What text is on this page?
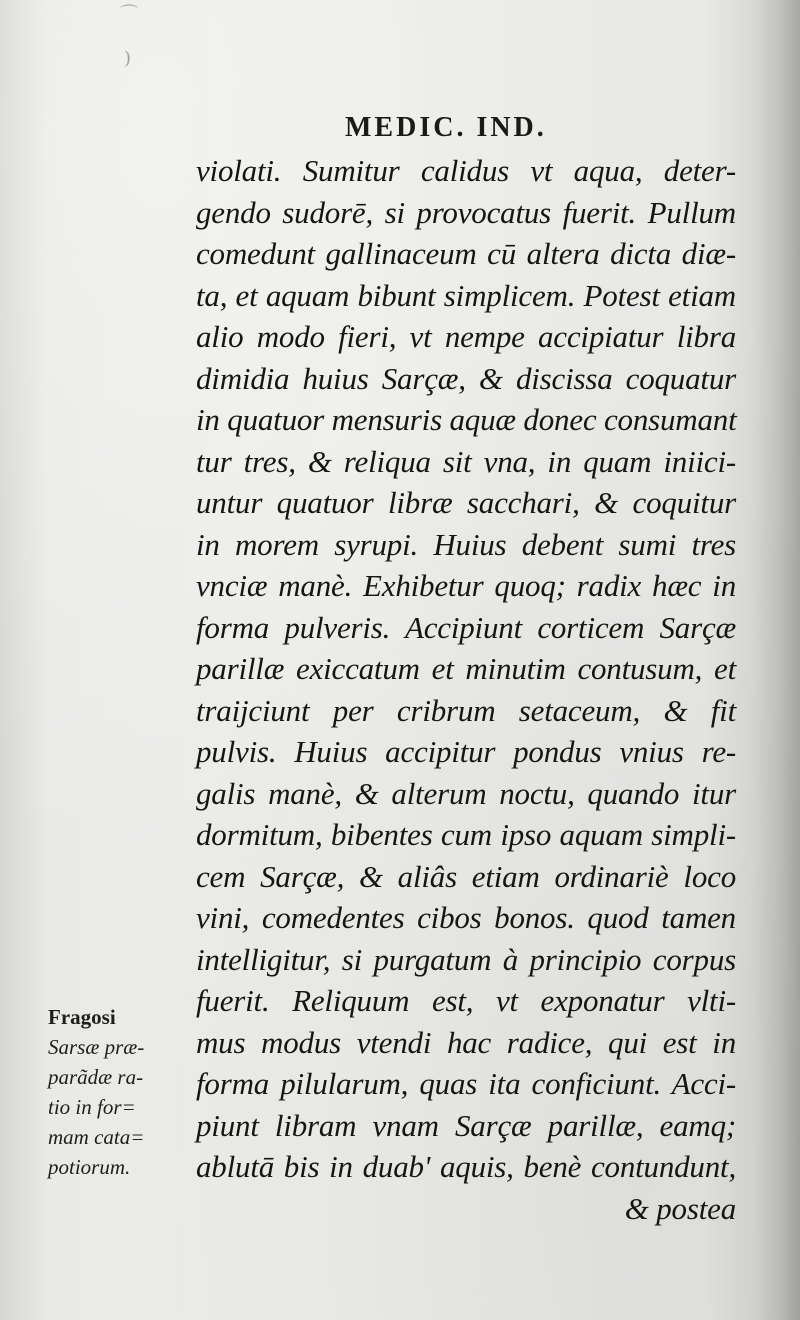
⌒
)
MEDIC. IND.
violati. Sumitur calidus vt aqua, deter-
gendo sudorē, si provocatus fuerit. Pullum
comedunt gallinaceum cū altera dicta diæ-
ta, et aquam bibunt simplicem. Potest etiam
alio modo fieri, vt nempe accipiatur libra
dimidia huius Sarçæ, & discissa coquatur
in quatuor mensuris aquæ donec consumant
tur tres, & reliqua sit vna, in quam iniici-
untur quatuor libræ sacchari, & coquitur
in morem syrupi. Huius debent sumi tres
vnciæ manè. Exhibetur quoq; radix hæc in
forma pulveris. Accipiunt corticem Sarçæ
parillæ exiccatum et minutim contusum, et
traijciunt per cribrum setaceum, & fit
pulvis. Huius accipitur pondus vnius re-
galis manè, & alterum noctu, quando itur
dormitum, bibentes cum ipso aquam simpli-
cem Sarçæ, & aliâs etiam ordinariè loco
vini, comedentes cibos bonos. quod tamen
intelligitur, si purgatum à principio corpus
fuerit. Reliquum est, vt exponatur vlti-
mus modus vtendi hac radice, qui est in
forma pilularum, quas ita conficiunt. Acci-
piunt libram vnam Sarçæ parillæ, eamq;
ablutā bis in duab' aquis, benè contundunt,
& postea
Fragosi
Sarsæ præ-
parãdæ ra-
tio in for=
mam cata=
potiorum.
